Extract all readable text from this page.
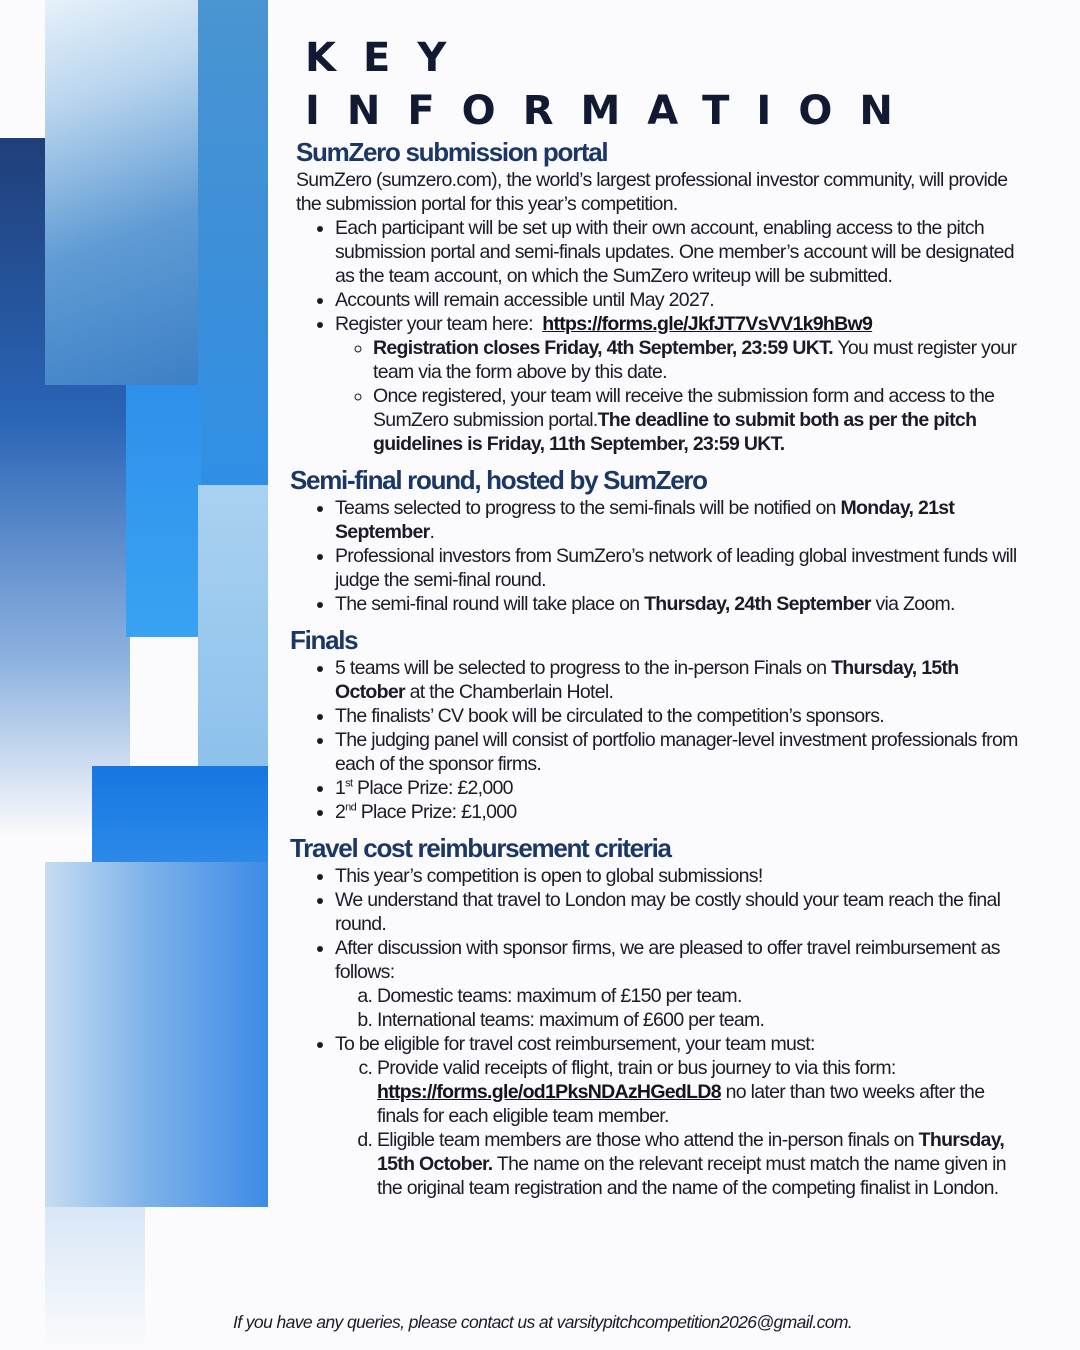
KEY
INFORMATION
SumZero submission portal

SumZero (sumzero.com), the world’s largest professional investor community, will provide the submission portal for this year’s competition.

• Each participant will be set up with their own account, enabling access to the pitch submission portal and semi-finals updates. One member’s account will be designated as the team account, on which the SumZero writeup will be submitted.
• Accounts will remain accessible until May 2027.
• Register your team here: https://forms.gle/JkfJT7VsVV1k9hBw9
◦ Registration closes Friday, 4th September, 23:59 UKT. You must register your team via the form above by this date.
◦ Once registered, your team will receive the submission form and access to the SumZero submission portal.The deadline to submit both as per the pitch guidelines is Friday, 11th September, 23:59 UKT.
Semi-final round, hosted by SumZero
• Teams selected to progress to the semi-finals will be notified on Monday, 21st September.
• Professional investors from SumZero’s network of leading global investment funds will judge the semi-final round.
• The semi-final round will take place on Thursday, 24th September via Zoom.
Finals
• 5 teams will be selected to progress to the in-person Finals on Thursday, 15th October at the Chamberlain Hotel.
• The finalists’ CV book will be circulated to the competition’s sponsors.
• The judging panel will consist of portfolio manager-level investment professionals from each of the sponsor firms.
• 1st Place Prize: £2,000
• 2nd Place Prize: £1,000
Travel cost reimbursement criteria
• This year’s competition is open to global submissions!
• We understand that travel to London may be costly should your team reach the final round.
• After discussion with sponsor firms, we are pleased to offer travel reimbursement as follows:
a. Domestic teams: maximum of £150 per team.
b. International teams: maximum of £600 per team.
• To be eligible for travel cost reimbursement, your team must:
c. Provide valid receipts of flight, train or bus journey to via this form: https://forms.gle/od1PksNDAzHGedLD8 no later than two weeks after the finals for each eligible team member.
d. Eligible team members are those who attend the in-person finals on Thursday, 15th October. The name on the relevant receipt must match the name given in the original team registration and the name of the competing finalist in London.

If you have any queries, please contact us at varsitypitchcompetition2026@gmail.com.
